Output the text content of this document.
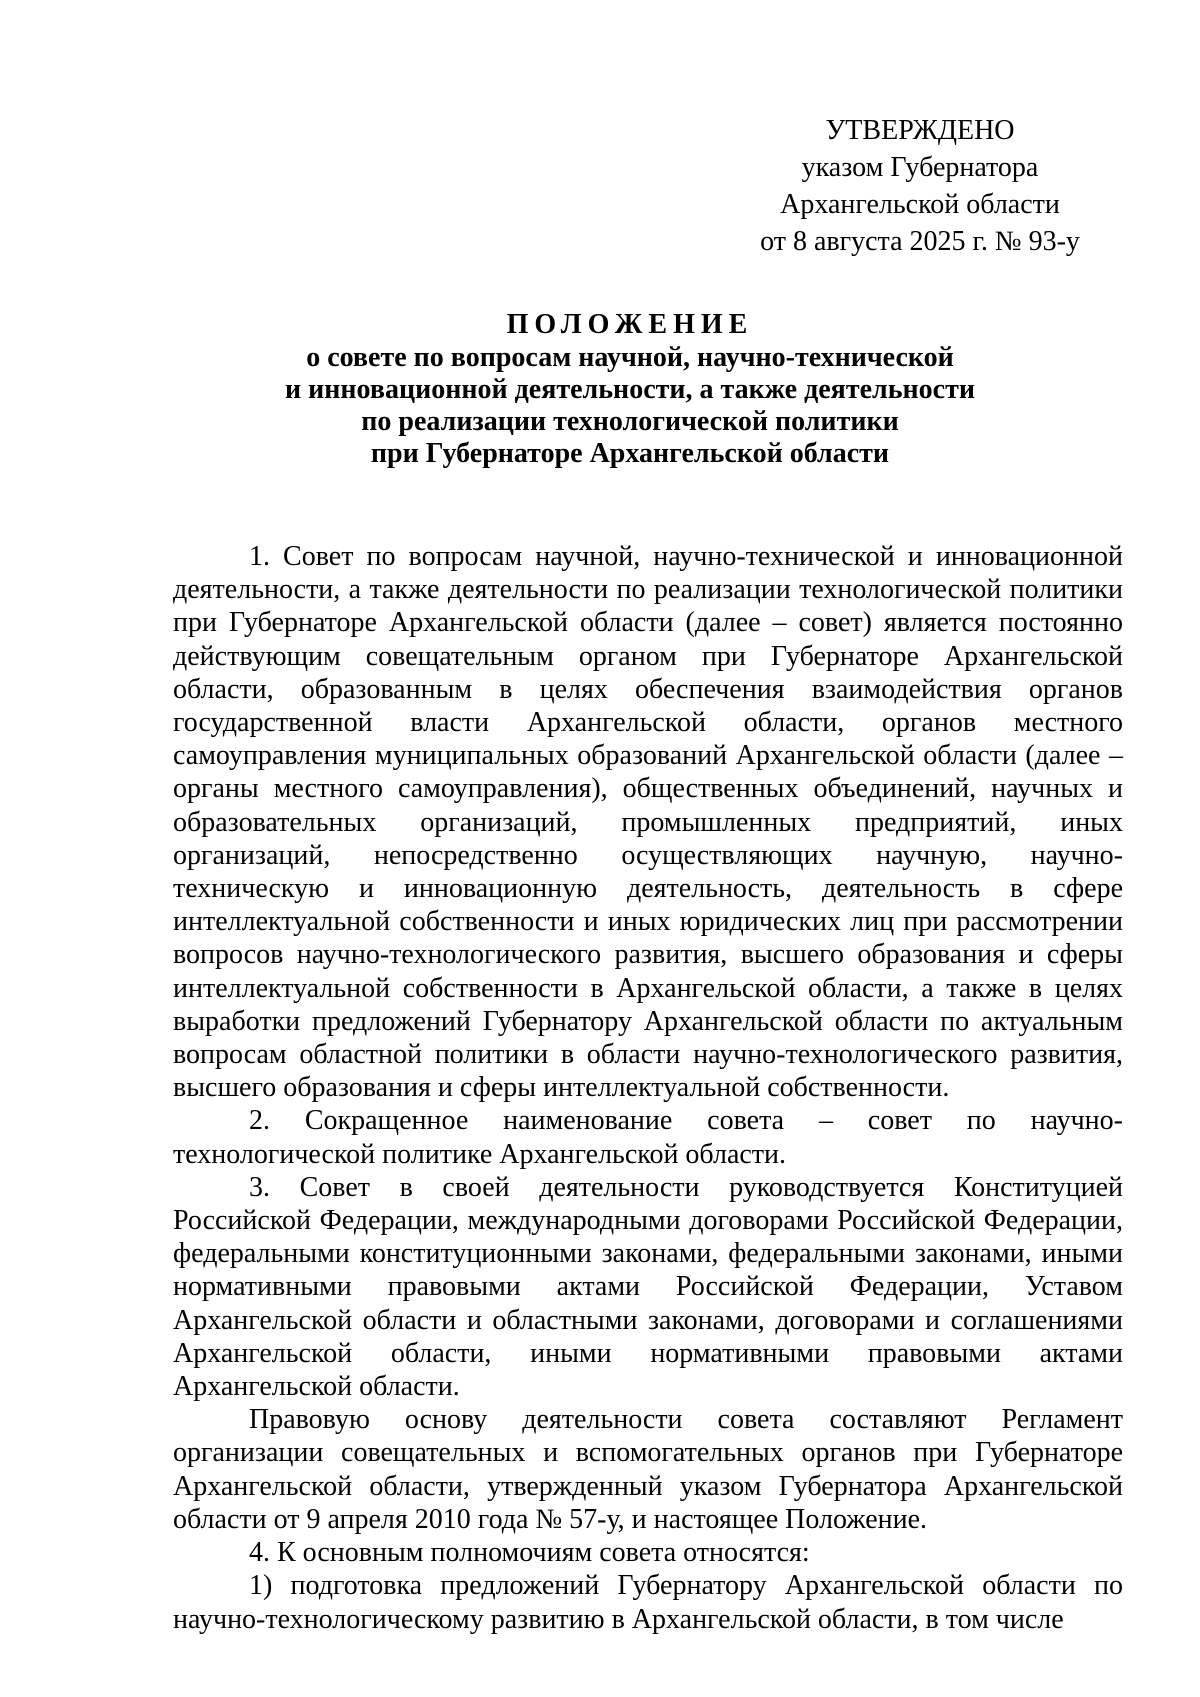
УТВЕРЖДЕНО
указом Губернатора
Архангельской области
от 8 августа 2025 г. № 93-у
ПОЛОЖЕНИЕ
о совете по вопросам научной, научно-технической
и инновационной деятельности, а также деятельности
по реализации технологической политики
при Губернаторе Архангельской области

1. Совет по вопросам научной, научно-технической и инновационной деятельности, а также деятельности по реализации технологической политики при Губернаторе Архангельской области (далее – совет) является постоянно действующим совещательным органом при Губернаторе Архангельской области, образованным в целях обеспечения взаимодействия органов государственной власти Архангельской области, органов местного самоуправления муниципальных образований Архангельской области (далее – органы местного самоуправления), общественных объединений, научных и образовательных организаций, промышленных предприятий, иных организаций, непосредственно осуществляющих научную, научно-техническую и инновационную деятельность, деятельность в сфере интеллектуальной собственности и иных юридических лиц при рассмотрении вопросов научно-технологического развития, высшего образования и сферы интеллектуальной собственности в Архангельской области, а также в целях выработки предложений Губернатору Архангельской области по актуальным вопросам областной политики в области научно-технологического развития, высшего образования и сферы интеллектуальной собственности.

2. Сокращенное наименование совета – совет по научно-технологической политике Архангельской области.

3. Совет в своей деятельности руководствуется Конституцией Российской Федерации, международными договорами Российской Федерации, федеральными конституционными законами, федеральными законами, иными нормативными правовыми актами Российской Федерации, Уставом Архангельской области и областными законами, договорами и соглашениями Архангельской области, иными нормативными правовыми актами Архангельской области.

Правовую основу деятельности совета составляют Регламент организации совещательных и вспомогательных органов при Губернаторе Архангельской области, утвержденный указом Губернатора Архангельской области от 9 апреля 2010 года № 57-у, и настоящее Положение.

4. К основным полномочиям совета относятся:

1) подготовка предложений Губернатору Архангельской области по научно-технологическому развитию в Архангельской области, в том числе
